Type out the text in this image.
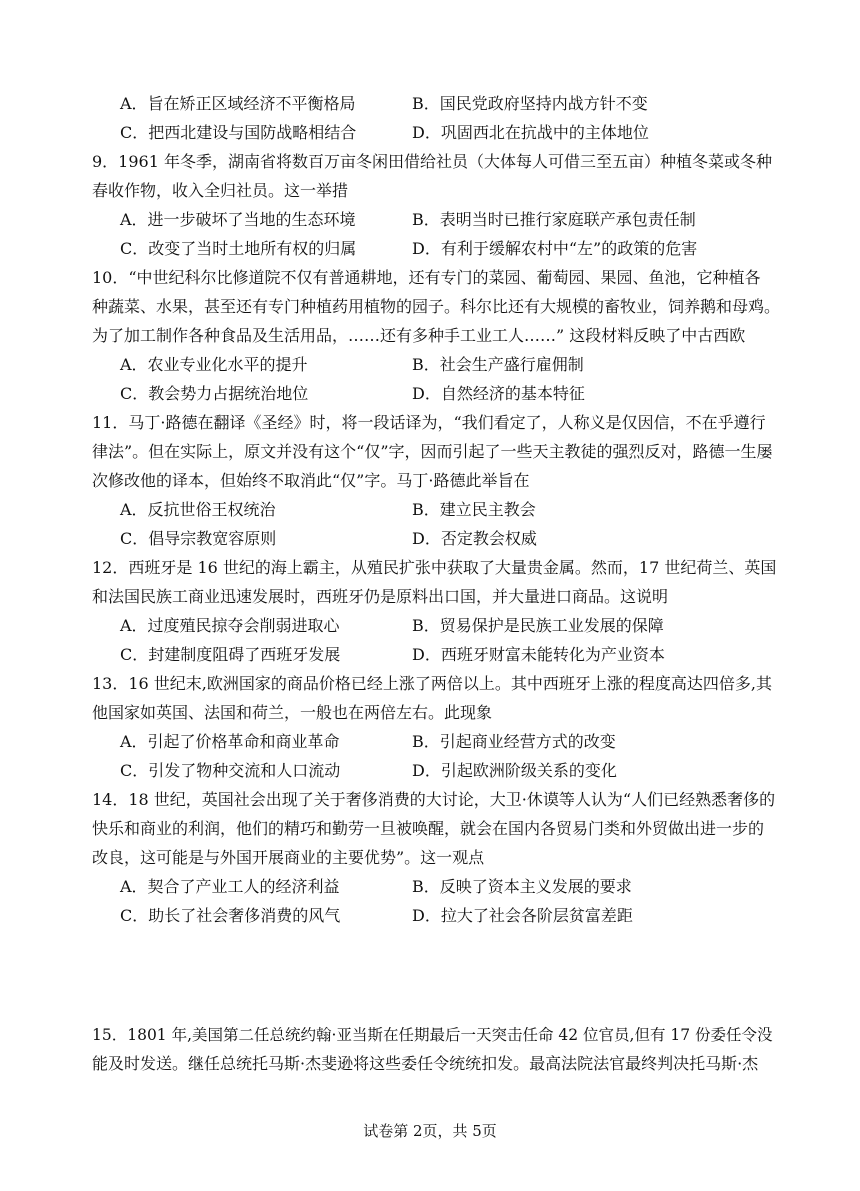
A．旨在矫正区域经济不平衡格局	B．国民党政府坚持内战方针不变
C．把西北建设与国防战略相结合	D．巩固西北在抗战中的主体地位
9．1961 年冬季，湖南省将数百万亩冬闲田借给社员（大体每人可借三至五亩）种植冬菜或冬种
春收作物，收入全归社员。这一举措
A．进一步破坏了当地的生态环境	B．表明当时已推行家庭联产承包责任制
C．改变了当时土地所有权的归属	D．有利于缓解农村中“左”的政策的危害
10．“中世纪科尔比修道院不仅有普通耕地，还有专门的菜园、葡萄园、果园、鱼池，它种植各
种蔬菜、水果，甚至还有专门种植药用植物的园子。科尔比还有大规模的畜牧业，饲养鹅和母鸡。
为了加工制作各种食品及生活用品，……还有多种手工业工人……” 这段材料反映了中古西欧
A．农业专业化水平的提升	B．社会生产盛行雇佣制
C．教会势力占据统治地位	D．自然经济的基本特征
11．马丁·路德在翻译《圣经》时，将一段话译为，“我们看定了，人称义是仅因信，不在乎遵行
律法”。但在实际上，原文并没有这个“仅”字，因而引起了一些天主教徒的强烈反对，路德一生屡
次修改他的译本，但始终不取消此“仅”字。马丁·路德此举旨在
A．反抗世俗王权统治	B．建立民主教会
C．倡导宗教宽容原则	D．否定教会权威
12．西班牙是 16 世纪的海上霸主，从殖民扩张中获取了大量贵金属。然而，17 世纪荷兰、英国
和法国民族工商业迅速发展时，西班牙仍是原料出口国，并大量进口商品。这说明
A．过度殖民掠夺会削弱进取心	B．贸易保护是民族工业发展的保障
C．封建制度阻碍了西班牙发展	D．西班牙财富未能转化为产业资本
13．16 世纪末,欧洲国家的商品价格已经上涨了两倍以上。其中西班牙上涨的程度高达四倍多,其
他国家如英国、法国和荷兰，一般也在两倍左右。此现象
A．引起了价格革命和商业革命	B．引起商业经营方式的改变
C．引发了物种交流和人口流动	D．引起欧洲阶级关系的变化
14．18 世纪，英国社会出现了关于奢侈消费的大讨论，大卫·休谟等人认为“人们已经熟悉奢侈的
快乐和商业的利润，他们的精巧和勤劳一旦被唤醒，就会在国内各贸易门类和外贸做出进一步的
改良，这可能是与外国开展商业的主要优势”。这一观点
A．契合了产业工人的经济利益	B．反映了资本主义发展的要求
C．助长了社会奢侈消费的风气	D．拉大了社会各阶层贫富差距
15．1801 年,美国第二任总统约翰·亚当斯在任期最后一天突击任命 42 位官员,但有 17 份委任令没
能及时发送。继任总统托马斯·杰斐逊将这些委任令统统扣发。最高法院法官最终判决托马斯·杰
试卷第 2页，共 5页
